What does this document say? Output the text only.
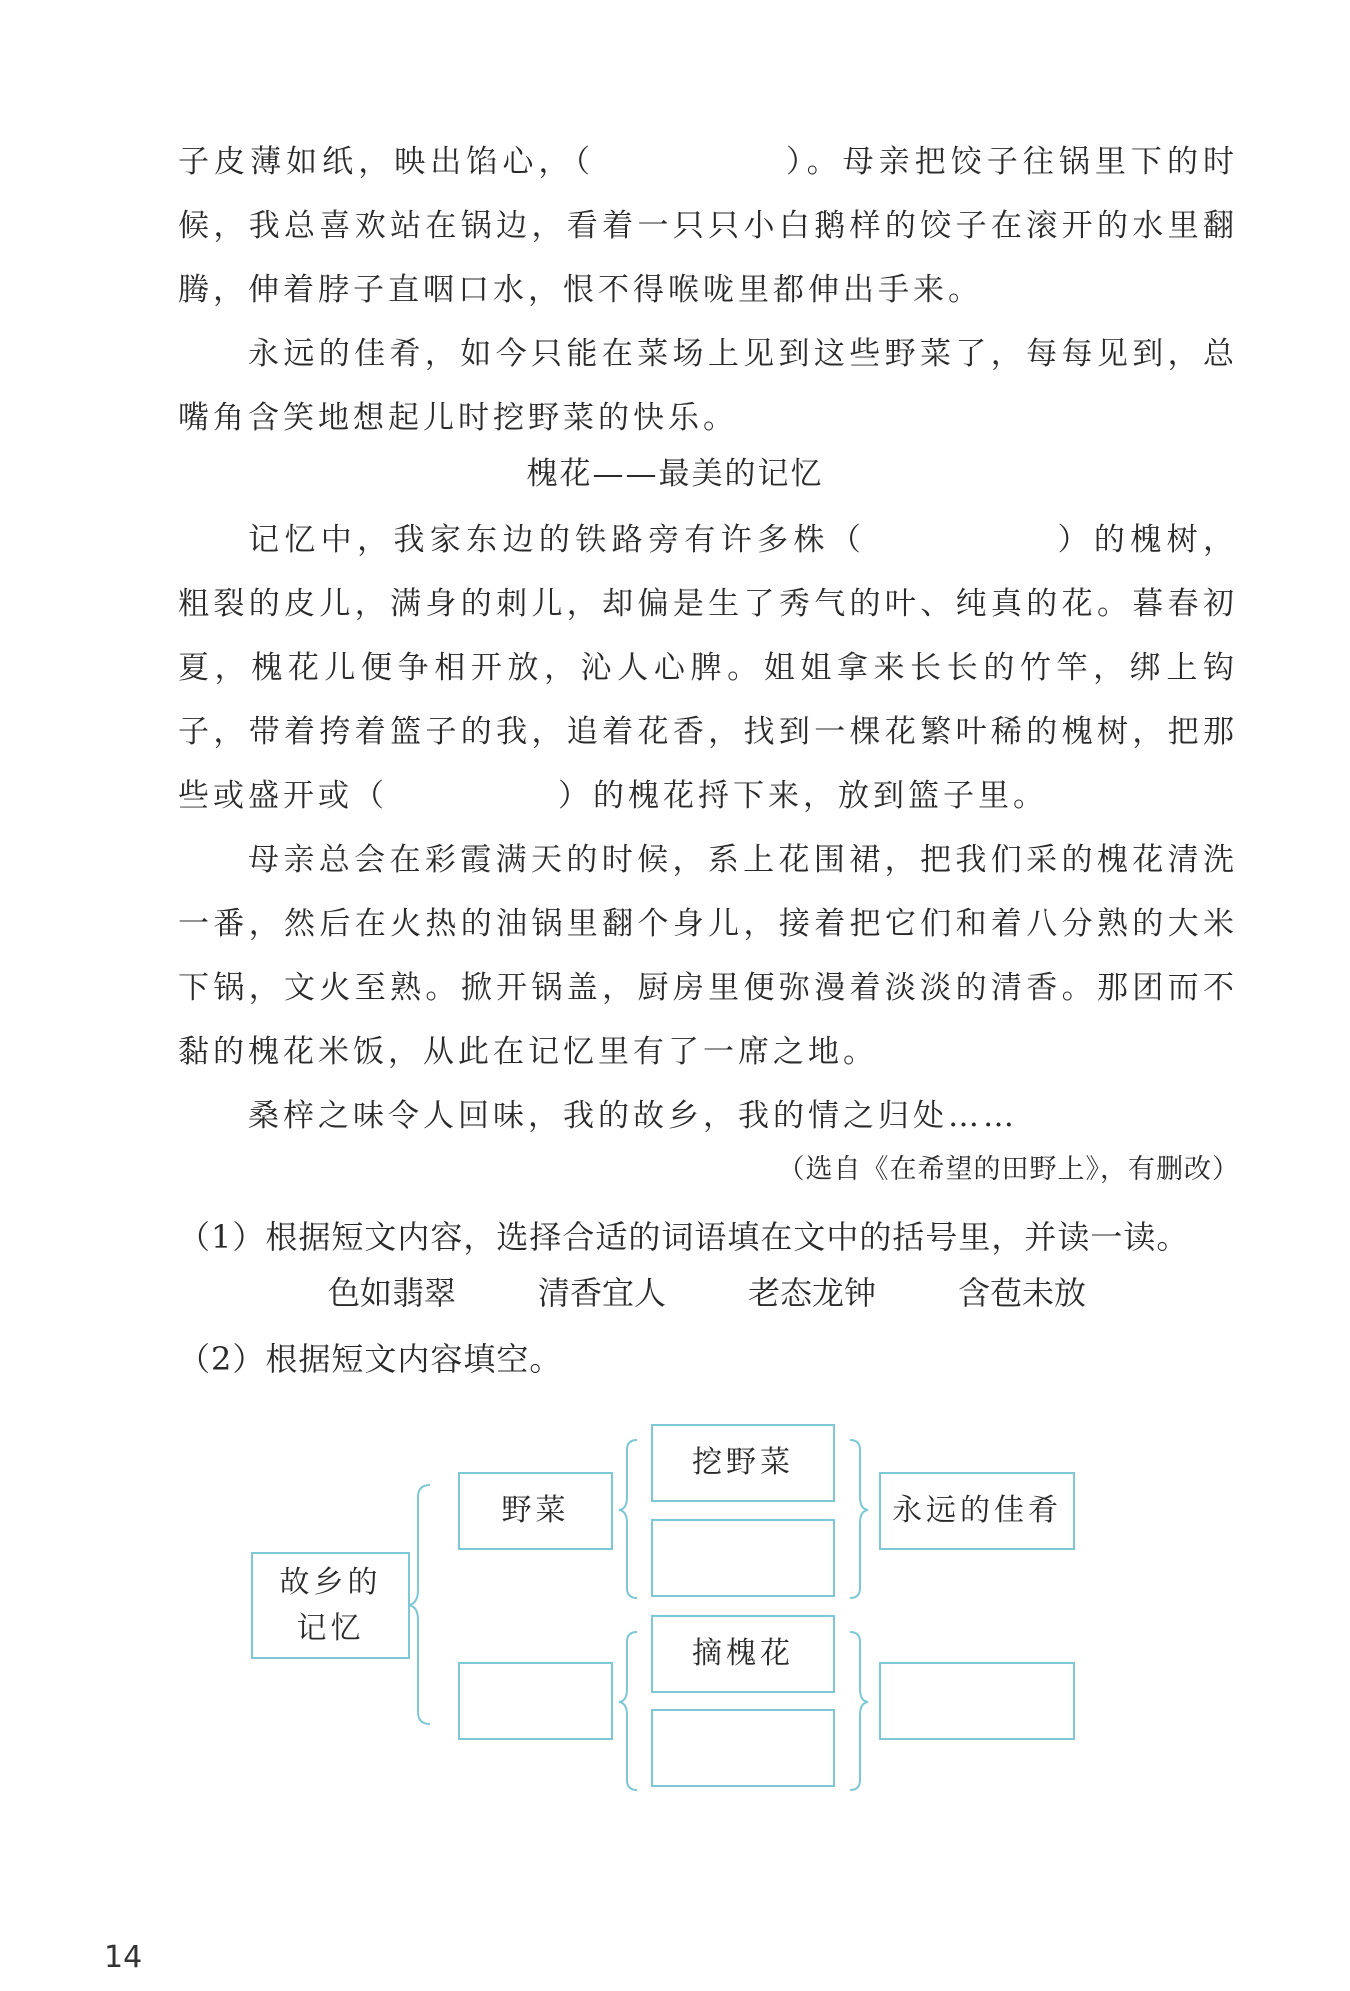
子皮薄如纸，映出馅心，（	）。母亲把饺子往锅里下的时候，我总喜欢站在锅边，看着一只只小白鹅样的饺子在滚开的水里翻腾，伸着脖子直咽口水，恨不得喉咙里都伸出手来。

永远的佳肴，如今只能在菜场上见到这些野菜了，每每见到，总嘴角含笑地想起儿时挖野菜的快乐。

槐花——最美的记忆

记忆中，我家东边的铁路旁有许多株（	）的槐树，粗裂的皮儿，满身的刺儿，却偏是生了秀气的叶、纯真的花。暮春初夏，槐花儿便争相开放，沁人心脾。姐姐拿来长长的竹竿，绑上钩子，带着挎着篮子的我，追着花香，找到一棵花繁叶稀的槐树，把那些或盛开或（	）的槐花捋下来，放到篮子里。

母亲总会在彩霞满天的时候，系上花围裙，把我们采的槐花清洗一番，然后在火热的油锅里翻个身儿，接着把它们和着八分熟的大米下锅，文火至熟。掀开锅盖，厨房里便弥漫着淡淡的清香。那团而不黏的槐花米饭，从此在记忆里有了一席之地。

桑梓之味令人回味，我的故乡，我的情之归处……

（选自《在希望的田野上》，有删改）
（1）根据短文内容，选择合适的词语填在文中的括号里，并读一读。
色如翡翠	清香宜人	老态龙钟	含苞未放
（2）根据短文内容填空。
故乡的
记忆
野菜
挖野菜
摘槐花
永远的佳肴
14
